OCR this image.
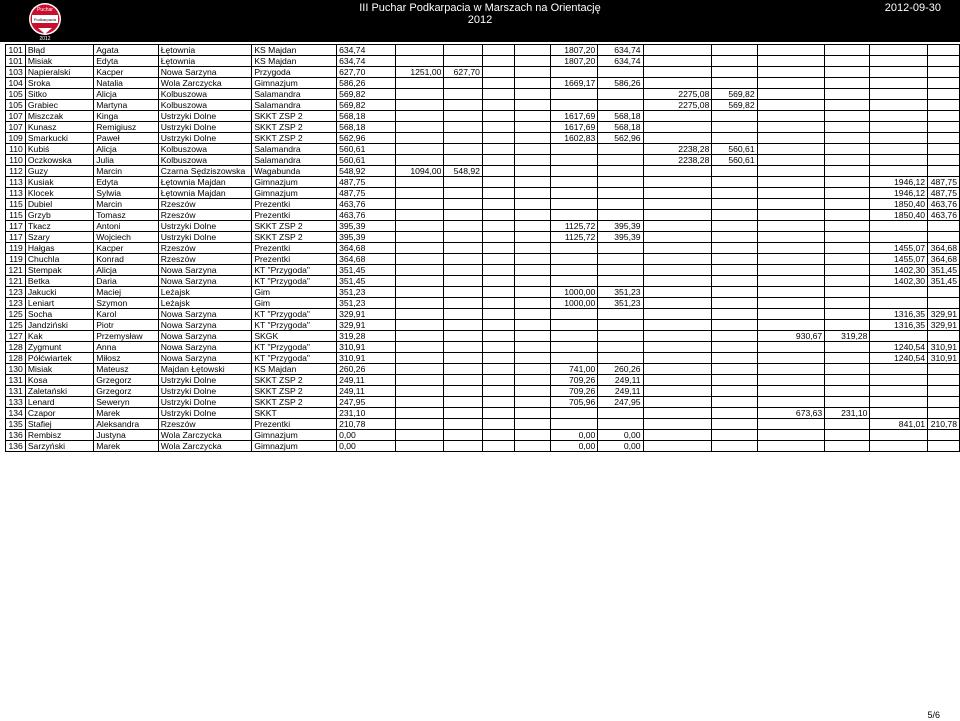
Puchar
Podkarpacia
2012
III Puchar Podkarpacia w Marszach na Orientację
2012
2012-09-30
101	Błąd	Agata	Łętownia	KS Majdan	634,74					1807,20	634,74						
101	Misiak	Edyta	Łętownia	KS Majdan	634,74					1807,20	634,74						
103	Napieralski	Kacper	Nowa Sarzyna	Przygoda	627,70	1251,00	627,70										
104	Sroka	Natalia	Wola Zarczycka	Gimnazjum	586,26					1669,17	586,26						
105	Sitko	Alicja	Kolbuszowa	Salamandra	569,82							2275,08	569,82				
105	Grabiec	Martyna	Kolbuszowa	Salamandra	569,82							2275,08	569,82				
107	Miszczak	Kinga	Ustrzyki Dolne	SKKT ZSP 2	568,18					1617,69	568,18						
107	Kunasz	Remigiusz	Ustrzyki Dolne	SKKT ZSP 2	568,18					1617,69	568,18						
109	Smarkucki	Paweł	Ustrzyki Dolne	SKKT ZSP 2	562,96					1602,83	562,96						
110	Kubiś	Alicja	Kolbuszowa	Salamandra	560,61							2238,28	560,61				
110	Oczkowska	Julia	Kolbuszowa	Salamandra	560,61							2238,28	560,61				
112	Guzy	Marcin	Czarna Sędziszowska	Wagabunda	548,92	1094,00	548,92										
113	Kusiak	Edyta	Łętownia Majdan	Gimnazjum	487,75											1946,12	487,75
113	Klocek	Sylwia	Łętownia Majdan	Gimnazjum	487,75											1946,12	487,75
115	Dubiel	Marcin	Rzeszów	Prezentki	463,76											1850,40	463,76
115	Grzyb	Tomasz	Rzeszów	Prezentki	463,76											1850,40	463,76
117	Tkacz	Antoni	Ustrzyki Dolne	SKKT ZSP 2	395,39					1125,72	395,39						
117	Szary	Wojciech	Ustrzyki Dolne	SKKT ZSP 2	395,39					1125,72	395,39						
119	Hałgas	Kacper	Rzeszów	Prezentki	364,68											1455,07	364,68
119	Chuchla	Konrad	Rzeszów	Prezentki	364,68											1455,07	364,68
121	Stempak	Alicja	Nowa Sarzyna	KT "Przygoda"	351,45											1402,30	351,45
121	Betka	Daria	Nowa Sarzyna	KT "Przygoda"	351,45											1402,30	351,45
123	Jakucki	Maciej	Leżajsk	Gim	351,23					1000,00	351,23						
123	Leniart	Szymon	Leżajsk	Gim	351,23					1000,00	351,23						
125	Socha	Karol	Nowa Sarzyna	KT "Przygoda"	329,91											1316,35	329,91
125	Jandziński	Piotr	Nowa Sarzyna	KT "Przygoda"	329,91											1316,35	329,91
127	Kak	Przemysław	Nowa Sarzyna	SKGK	319,28									930,67	319,28		
128	Zygmunt	Anna	Nowa Sarzyna	KT "Przygoda"	310,91											1240,54	310,91
128	Półćwiartek	Miłosz	Nowa Sarzyna	KT "Przygoda"	310,91											1240,54	310,91
130	Misiak	Mateusz	Majdan Łętowski	KS Majdan	260,26					741,00	260,26						
131	Kosa	Grzegorz	Ustrzyki Dolne	SKKT ZSP 2	249,11					709,26	249,11						
131	Zaletański	Grzegorz	Ustrzyki Dolne	SKKT ZSP 2	249,11					709,26	249,11						
133	Lenard	Seweryn	Ustrzyki Dolne	SKKT ZSP 2	247,95					705,96	247,95						
134	Czapor	Marek	Ustrzyki Dolne	SKKT	231,10									673,63	231,10		
135	Stafiej	Aleksandra	Rzeszów	Prezentki	210,78											841,01	210,78
136	Rembisz	Justyna	Wola Zarczycka	Gimnazjum	0,00					0,00	0,00						
136	Sarzyński	Marek	Wola Zarczycka	Gimnazjum	0,00					0,00	0,00						
5/6
